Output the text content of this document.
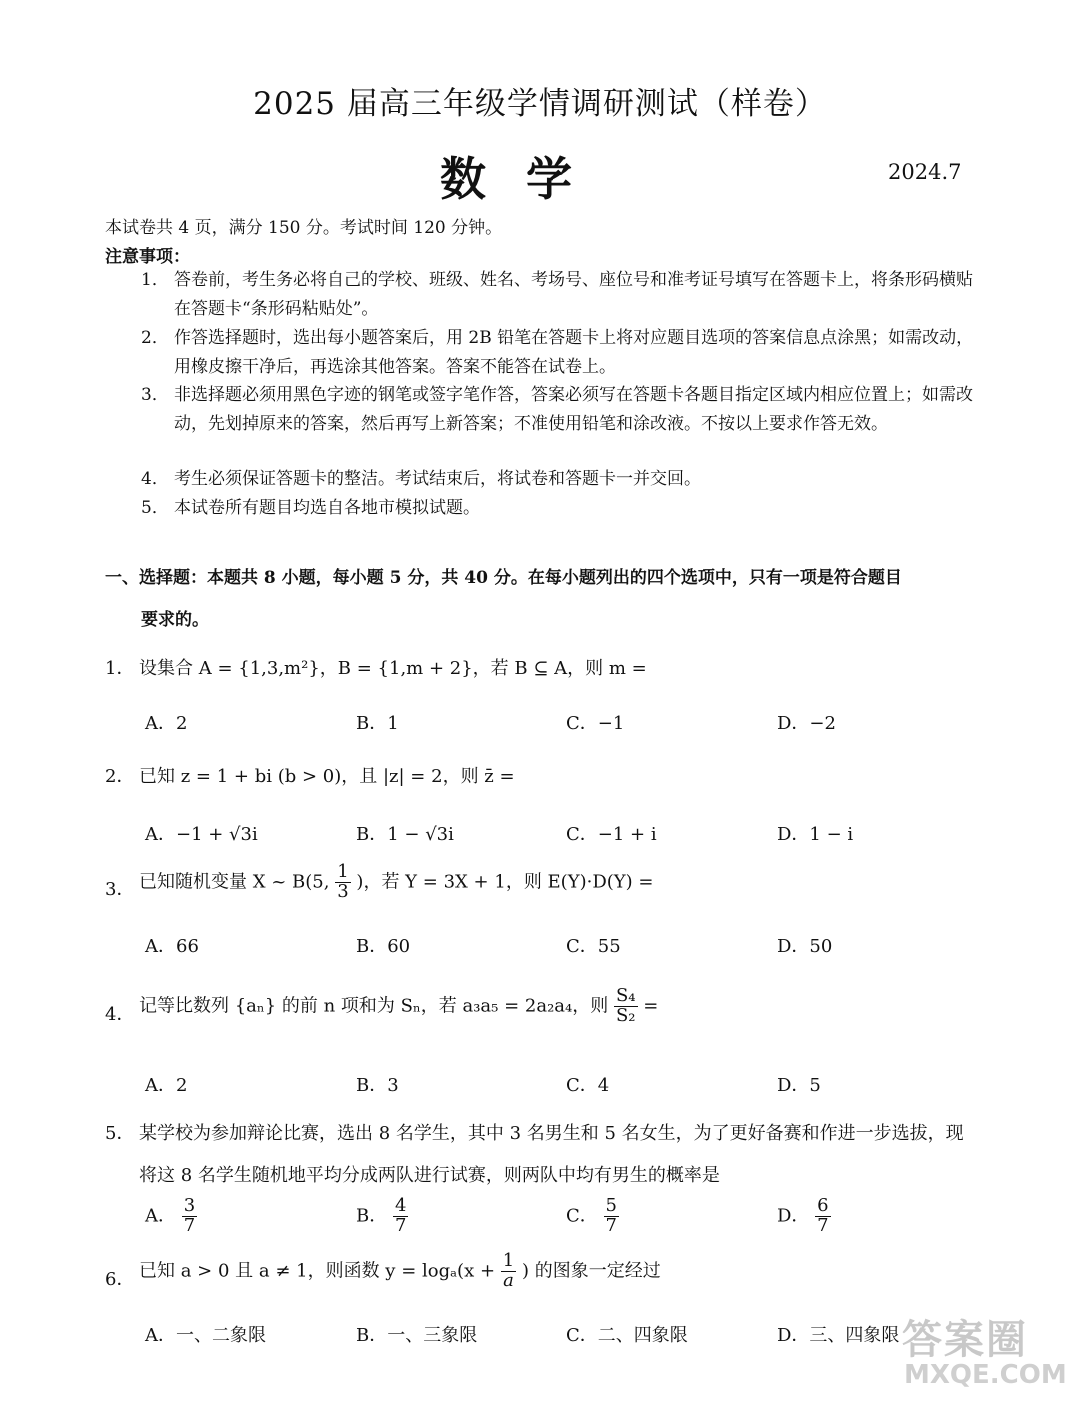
2025 届高三年级学情调研测试（样卷）
数学	2024.7
本试卷共 4 页，满分 150 分。考试时间 120 分钟。
注意事项：
1． 答卷前，考生务必将自己的学校、班级、姓名、考场号、座位号和准考证号填写在答题卡上，将条形码横贴在答题卡“条形码粘贴处”。
2． 作答选择题时，选出每小题答案后，用 2B 铅笔在答题卡上将对应题目选项的答案信息点涂黑；如需改动，用橡皮擦干净后，再选涂其他答案。答案不能答在试卷上。
3． 非选择题必须用黑色字迹的钢笔或签字笔作答，答案必须写在答题卡各题目指定区域内相应位置上；如需改动，先划掉原来的答案，然后再写上新答案；不准使用铅笔和涂改液。不按以上要求作答无效。
4． 考生必须保证答题卡的整洁。考试结束后，将试卷和答题卡一并交回。
5． 本试卷所有题目均选自各地市模拟试题。
一、选择题：本题共 8 小题，每小题 5 分，共 40 分。在每小题列出的四个选项中，只有一项是符合题目
要求的。
1． 设集合 A = {1,3,m²}，B = {1,m + 2}，若 B ⊆ A，则 m =
A．2	B．1	C．−1	D．−2
2． 已知 z = 1 + bi (b > 0)，且 |z| = 2，则 z̄ =
A．−1 + √3i	B．1 − √3i	C．−1 + i	D．1 − i
3． 已知随机变量 X ~ B(5, $\frac{1}{3}$ )，若 Y = 3X + 1，则 E(Y)·D(Y) =
A．66	B．60	C．55	D．50
4． 记等比数列 {aₙ} 的前 n 项和为 Sₙ，若 a₃a₅ = 2a₂a₄，则 $\frac{\text{S₄}}{\text{S₂}}$ =
A．2	B．3	C．4	D．5
5． 某学校为参加辩论比赛，选出 8 名学生，其中 3 名男生和 5 名女生，为了更好备赛和作进一步选拔，现
将这 8 名学生随机地平均分成两队进行试赛，则两队中均有男生的概率是
A． $\frac{3}{7}$	B． $\frac{4}{7}$	C． $\frac{5}{7}$	D． $\frac{6}{7}$
6． 已知 a > 0 且 a ≠ 1，则函数 $y = \log_a(x + \frac{1}{a}$ ) 的图象一定经过
A．一、二象限	B．一、三象限	C．二、四象限	D．三、四象限 答案圈
MXQE.COM
